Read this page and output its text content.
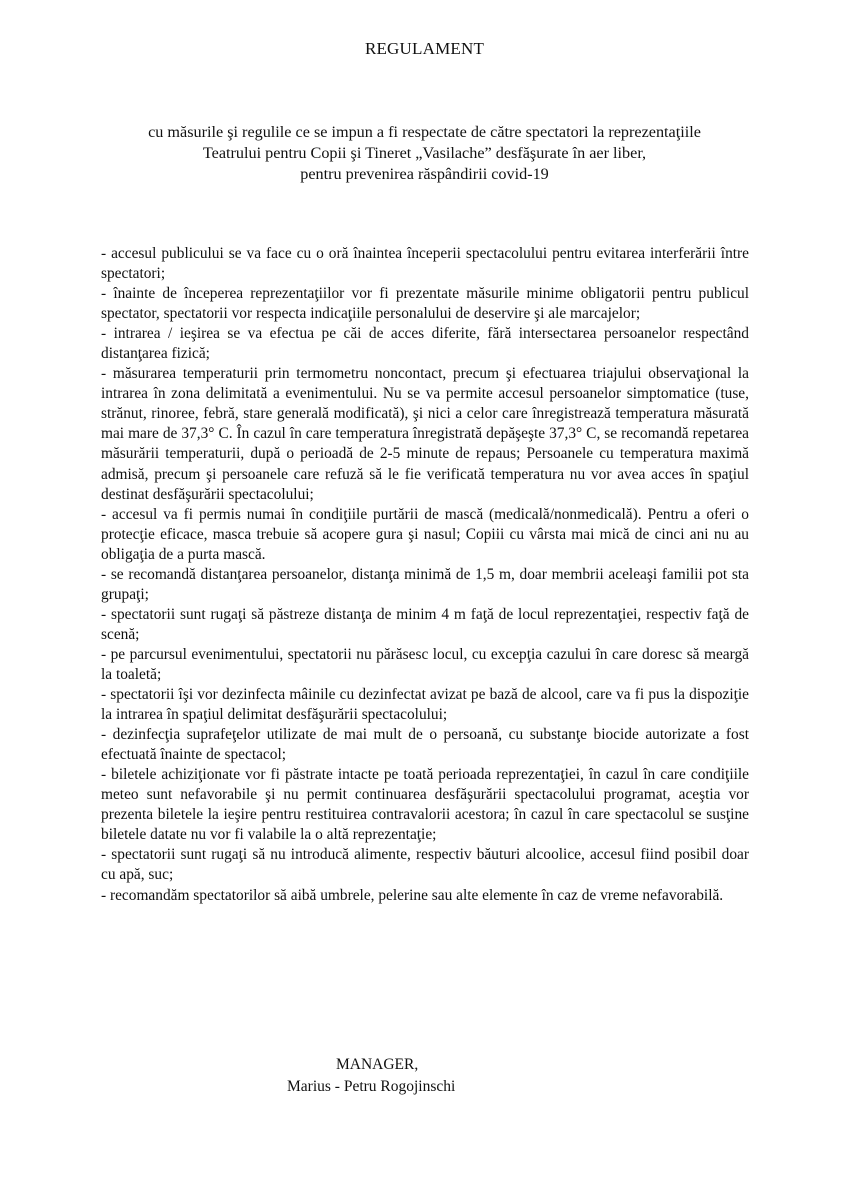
REGULAMENT
cu măsurile şi regulile ce se impun a fi respectate de către spectatori la reprezentaţiile
Teatrului pentru Copii şi Tineret „Vasilache” desfăşurate în aer liber,
pentru prevenirea răspândirii covid-19

- accesul publicului se va face cu o oră înaintea începerii spectacolului pentru evitarea interferării între spectatori;

- înainte de începerea reprezentaţiilor vor fi prezentate măsurile minime obligatorii pentru publicul spectator, spectatorii vor respecta indicaţiile personalului de deservire şi ale marcajelor;

- intrarea / ieşirea se va efectua pe căi de acces diferite, fără intersectarea persoanelor respectând distanţarea fizică;

- măsurarea temperaturii prin termometru noncontact, precum şi efectuarea triajului observaţional la intrarea în zona delimitată a evenimentului. Nu se va permite accesul persoanelor simptomatice (tuse, strănut, rinoree, febră, stare generală modificată), şi nici a celor care înregistrează temperatura măsurată mai mare de 37,3° C. În cazul în care temperatura înregistrată depăşeşte 37,3° C, se recomandă repetarea măsurării temperaturii, după o perioadă de 2-5 minute de repaus; Persoanele cu temperatura maximă admisă, precum şi persoanele care refuză să le fie verificată temperatura nu vor avea acces în spaţiul destinat desfăşurării spectacolului;

- accesul va fi permis numai în condiţiile purtării de mască (medicală/nonmedicală). Pentru a oferi o protecţie eficace, masca trebuie să acopere gura şi nasul; Copiii cu vârsta mai mică de cinci ani nu au obligaţia de a purta mască.

- se recomandă distanţarea persoanelor, distanţa minimă de 1,5 m, doar membrii aceleaşi familii pot sta grupaţi;

- spectatorii sunt rugaţi să păstreze distanţa de minim 4 m faţă de locul reprezentaţiei, respectiv faţă de scenă;

- pe parcursul evenimentului, spectatorii nu părăsesc locul, cu excepţia cazului în care doresc să meargă la toaletă;

- spectatorii îşi vor dezinfecta mâinile cu dezinfectat avizat pe bază de alcool, care va fi pus la dispoziţie la intrarea în spaţiul delimitat desfăşurării spectacolului;

- dezinfecţia suprafeţelor utilizate de mai mult de o persoană, cu substanţe biocide autorizate a fost efectuată înainte de spectacol;

- biletele achiziţionate vor fi păstrate intacte pe toată perioada reprezentaţiei, în cazul în care condiţiile meteo sunt nefavorabile şi nu permit continuarea desfăşurării spectacolului programat, aceştia vor prezenta biletele la ieşire pentru restituirea contravalorii acestora; în cazul în care spectacolul se susţine biletele datate nu vor fi valabile la o altă reprezentaţie;

- spectatorii sunt rugaţi să nu introducă alimente, respectiv băuturi alcoolice, accesul fiind posibil doar cu apă, suc;

- recomandăm spectatorilor să aibă umbrele, pelerine sau alte elemente în caz de vreme nefavorabilă.

MANAGER,
Marius - Petru Rogojinschi
